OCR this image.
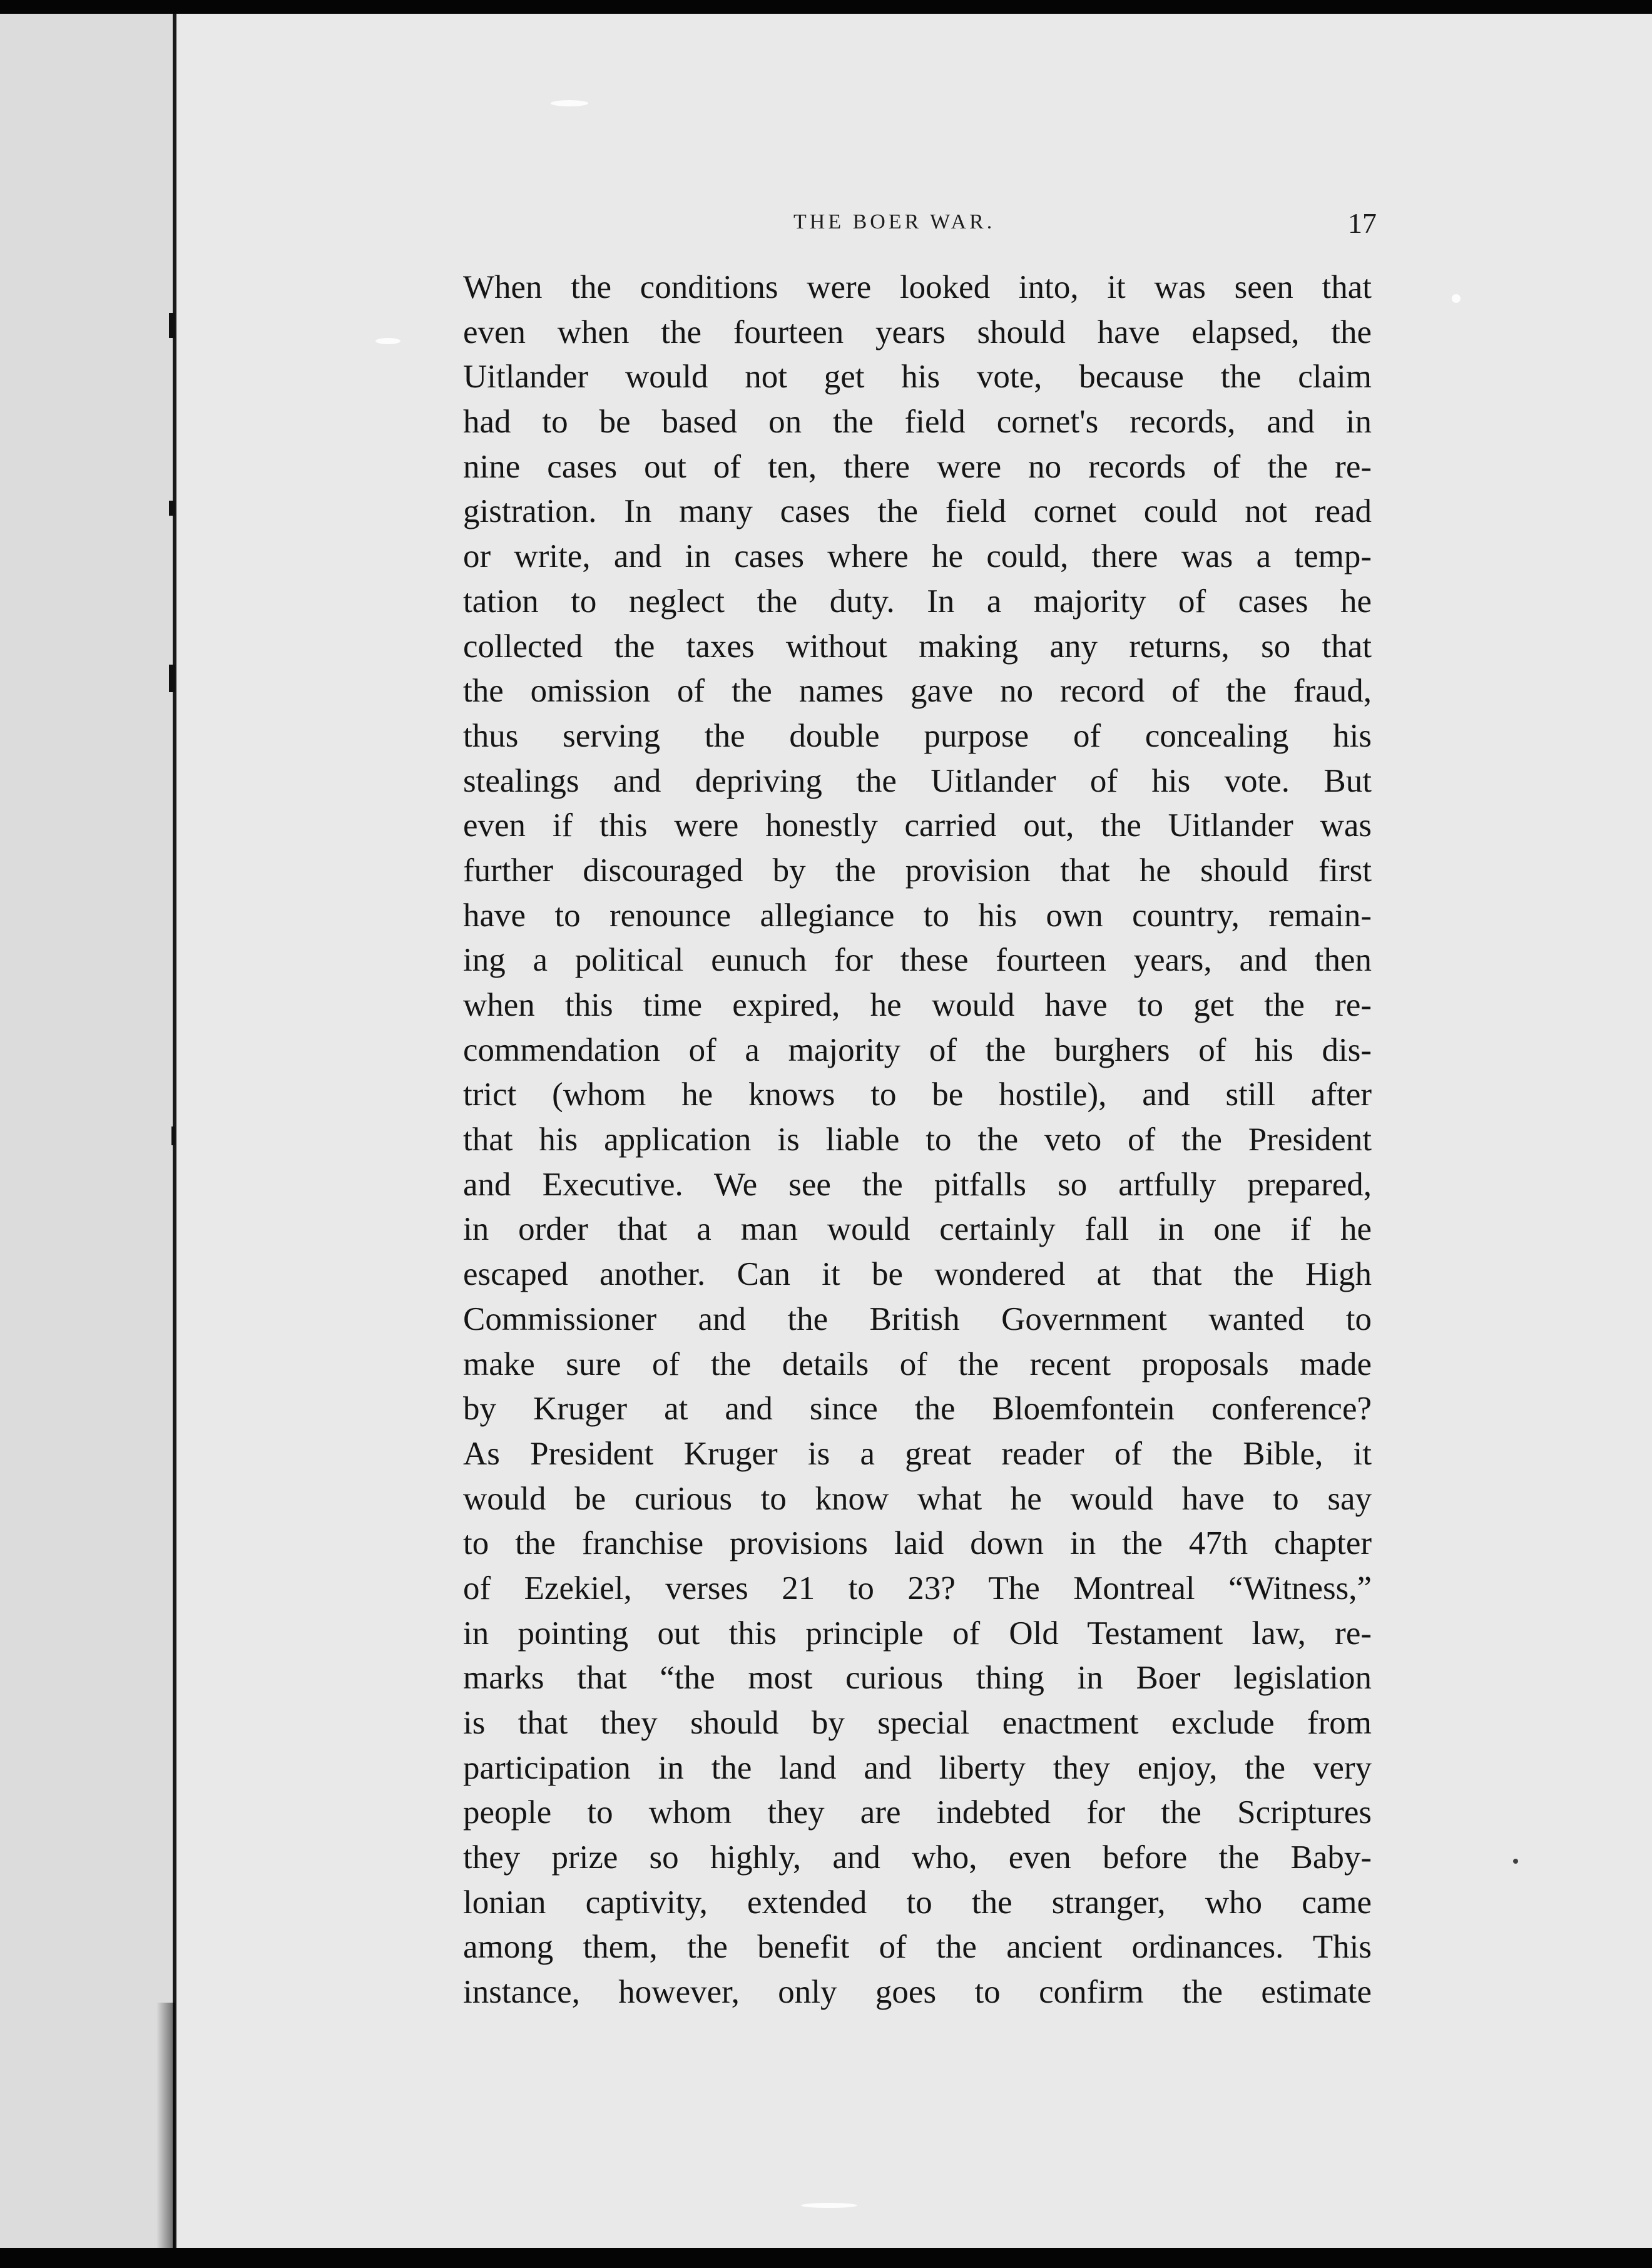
THE BOER WAR.	17
When the conditions were looked into, it was seen that
even when the fourteen years should have elapsed, the
Uitlander would not get his vote, because the claim
had to be based on the field cornet's records, and in
nine cases out of ten, there were no records of the re-
gistration. In many cases the field cornet could not read
or write, and in cases where he could, there was a temp-
tation to neglect the duty. In a majority of cases he
collected the taxes without making any returns, so that
the omission of the names gave no record of the fraud,
thus serving the double purpose of concealing his
stealings and depriving the Uitlander of his vote. But
even if this were honestly carried out, the Uitlander was
further discouraged by the provision that he should first
have to renounce allegiance to his own country, remain-
ing a political eunuch for these fourteen years, and then
when this time expired, he would have to get the re-
commendation of a majority of the burghers of his dis-
trict (whom he knows to be hostile), and still after
that his application is liable to the veto of the President
and Executive. We see the pitfalls so artfully prepared,
in order that a man would certainly fall in one if he
escaped another. Can it be wondered at that the High
Commissioner and the British Government wanted to
make sure of the details of the recent proposals made
by Kruger at and since the Bloemfontein conference?
As President Kruger is a great reader of the Bible, it
would be curious to know what he would have to say
to the franchise provisions laid down in the 47th chapter
of Ezekiel, verses 21 to 23? The Montreal “Witness,”
in pointing out this principle of Old Testament law, re-
marks that “the most curious thing in Boer legislation
is that they should by special enactment exclude from
participation in the land and liberty they enjoy, the very
people to whom they are indebted for the Scriptures
they prize so highly, and who, even before the Baby-
lonian captivity, extended to the stranger, who came
among them, the benefit of the ancient ordinances. This
instance, however, only goes to confirm the estimate
